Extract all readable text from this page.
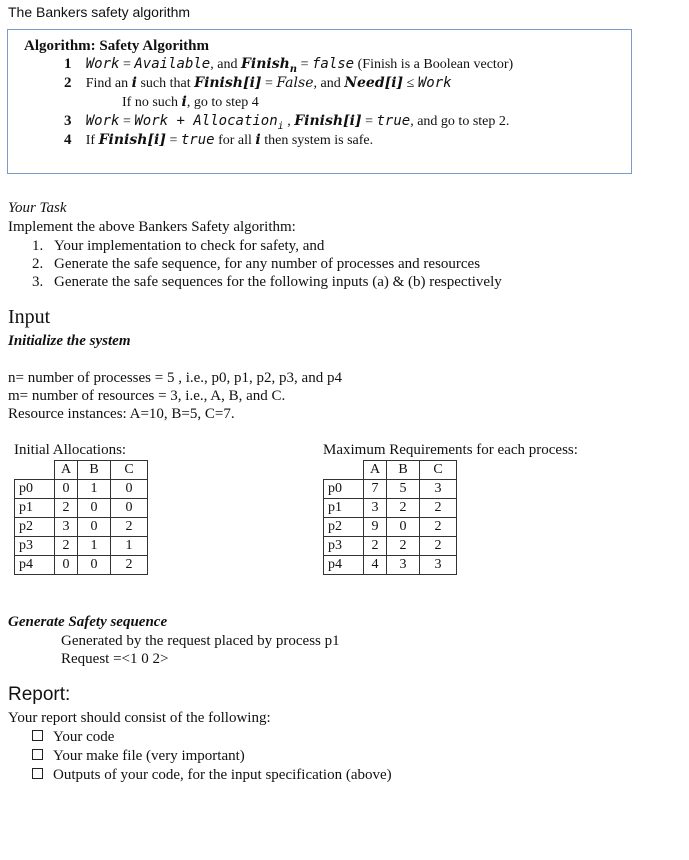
The Bankers safety algorithm
Algorithm: Safety Algorithm
1 Work = Available, and Finish$_n$ = false (Finish is a Boolean vector)
2 Find an i such that Finish[i] = False, and Need[i] ≤ Work
If no such i, go to step 4
3 Work = Work + Allocation$_i$ , Finish[i] = true, and go to step 2.
4 If Finish[i] = true for all i then system is safe.
Your Task
Implement the above Bankers Safety algorithm:
1. Your implementation to check for safety, and
2. Generate the safe sequence, for any number of processes and resources
3. Generate the safe sequences for the following inputs (a) & (b) respectively
Input
Initialize the system
n= number of processes = 5 , i.e., p0, p1, p2, p3, and p4
m= number of resources = 3, i.e., A, B, and C.
Resource instances: A=10, B=5, C=7.
Initial Allocations:
	A	B	C
p0	0	1	0
p1	2	0	0
p2	3	0	2
p3	2	1	1
p4	0	0	2
Maximum Requirements for each process:
	A	B	C
p0	7	5	3
p1	3	2	2
p2	9	0	2
p3	2	2	2
p4	4	3	3
Generate Safety sequence
Generated by the request placed by process p1
Request =<1 0 2>
Report:
Your report should consist of the following:
Your code
Your make file (very important)
Outputs of your code, for the input specification (above)
